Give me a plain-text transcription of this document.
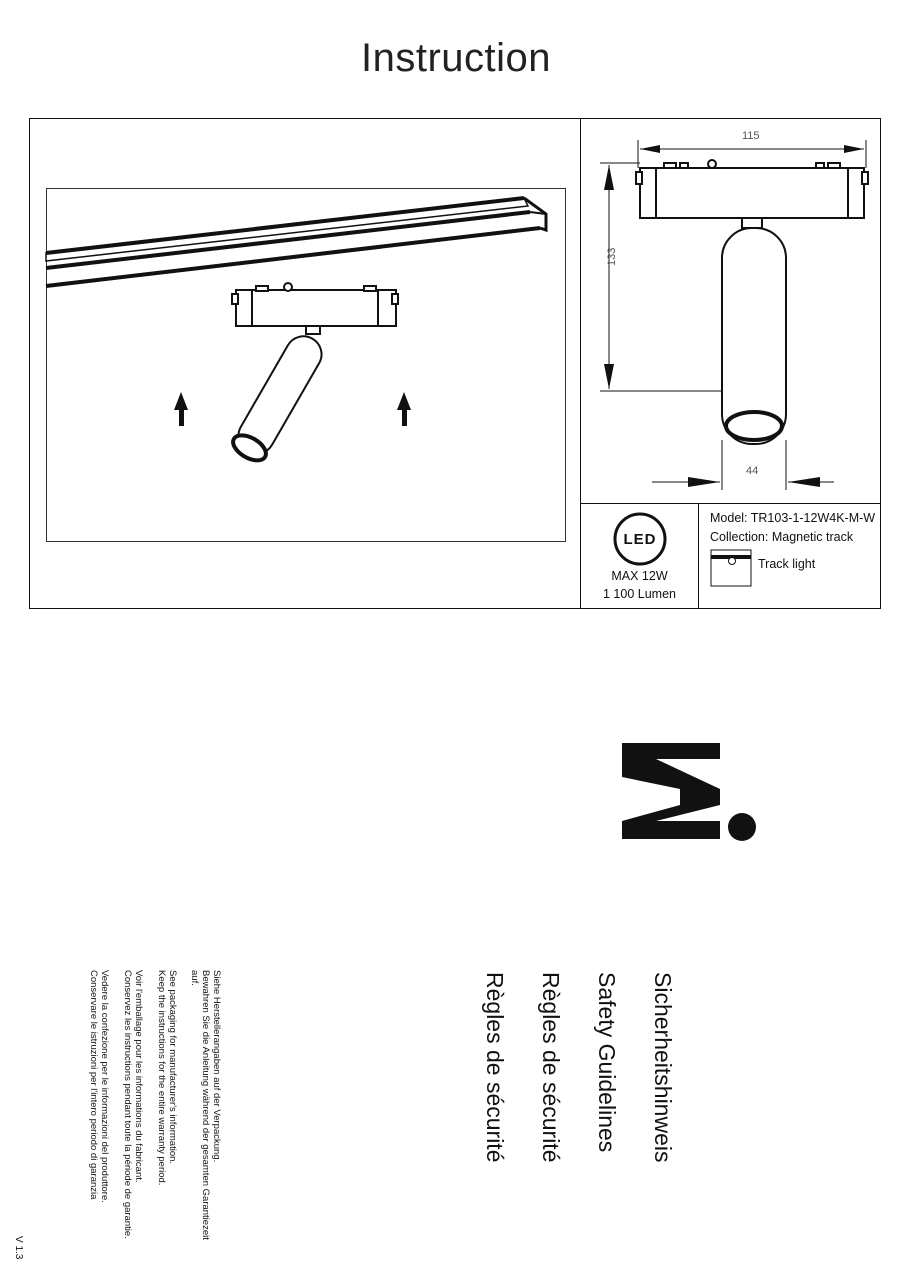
Instruction
115
133
44
LED
MAX 12W
1 100 Lumen
Model: TR103-1-12W4K-M-W
Collection: Magnetic track
Track light
Sicherheitshinweis
Safety Guidelines
Règles de sécurité
Règles de sécurité
Siehe Herstellerangaben auf der Verpackung.
Bewahren Sie die Anleitung während der gesamten Garantiezeit
auf.
See packaging for manufacturer's information.
Keep the instructions for the entire warranty period.
Voir l'emballage pour les informations du fabricant.
Conservez les instructions pendant toute la période de garantie.
Vedere la confezione per le informazioni del produttore.
Conservare le istruzioni per l'intero periodo di garanzia
V 1.3
